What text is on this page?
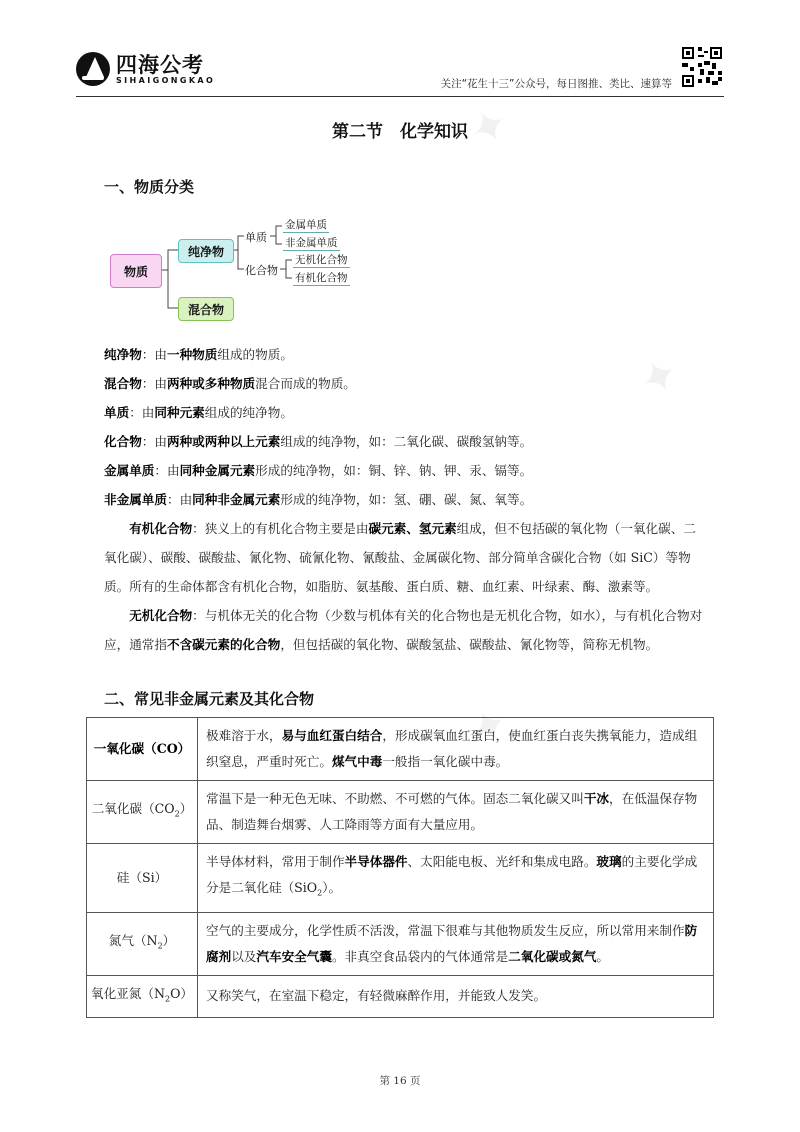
✦
✦
✦
四海公考
SIHAIGONGKAO	关注“花生十三”公众号，每日图推、类比、速算等
第二节　化学知识
一、物质分类
物质
纯净物
混合物
单质
化合物
金属单质
非金属单质
无机化合物
有机化合物
纯净物：由一种物质组成的物质。
混合物：由两种或多种物质混合而成的物质。
单质：由同种元素组成的纯净物。
化合物：由两种或两种以上元素组成的纯净物，如：二氧化碳、碳酸氢钠等。
金属单质：由同种金属元素形成的纯净物，如：铜、锌、钠、钾、汞、镉等。
非金属单质：由同种非金属元素形成的纯净物，如：氢、硼、碳、氮、氧等。
有机化合物：狭义上的有机化合物主要是由碳元素、氢元素组成，但不包括碳的氧化物（一氧化碳、二氧化碳）、碳酸、碳酸盐、氰化物、硫氰化物、氰酸盐、金属碳化物、部分简单含碳化合物（如 SiC）等物质。所有的生命体都含有机化合物，如脂肪、氨基酸、蛋白质、糖、血红素、叶绿素、酶、激素等。
无机化合物：与机体无关的化合物（少数与机体有关的化合物也是无机化合物，如水），与有机化合物对应，通常指不含碳元素的化合物，但包括碳的氧化物、碳酸氢盐、碳酸盐、氰化物等，简称无机物。
二、常见非金属元素及其化合物
一氧化碳（CO）	极难溶于水，易与血红蛋白结合，形成碳氧血红蛋白，使血红蛋白丧失携氧能力，造成组织窒息，严重时死亡。煤气中毒一般指一氧化碳中毒。
二氧化碳$(CO_2)$	常温下是一种无色无味、不助燃、不可燃的气体。固态二氧化碳又叫干冰，在低温保存物品、制造舞台烟雾、人工降雨等方面有大量应用。
硅（Si）	半导体材料，常用于制作半导体器件、太阳能电板、光纤和集成电路。玻璃的主要化学成分是二氧化硅（SiO$_2$）。
氮气$(N_2)$	空气的主要成分，化学性质不活泼，常温下很难与其他物质发生反应，所以常用来制作防腐剂以及汽车安全气囊。非真空食品袋内的气体通常是二氧化碳或氮气。
氧化亚氮$(N_2O)$	又称笑气，在室温下稳定，有轻微麻醉作用，并能致人发笑。
第 16 页
